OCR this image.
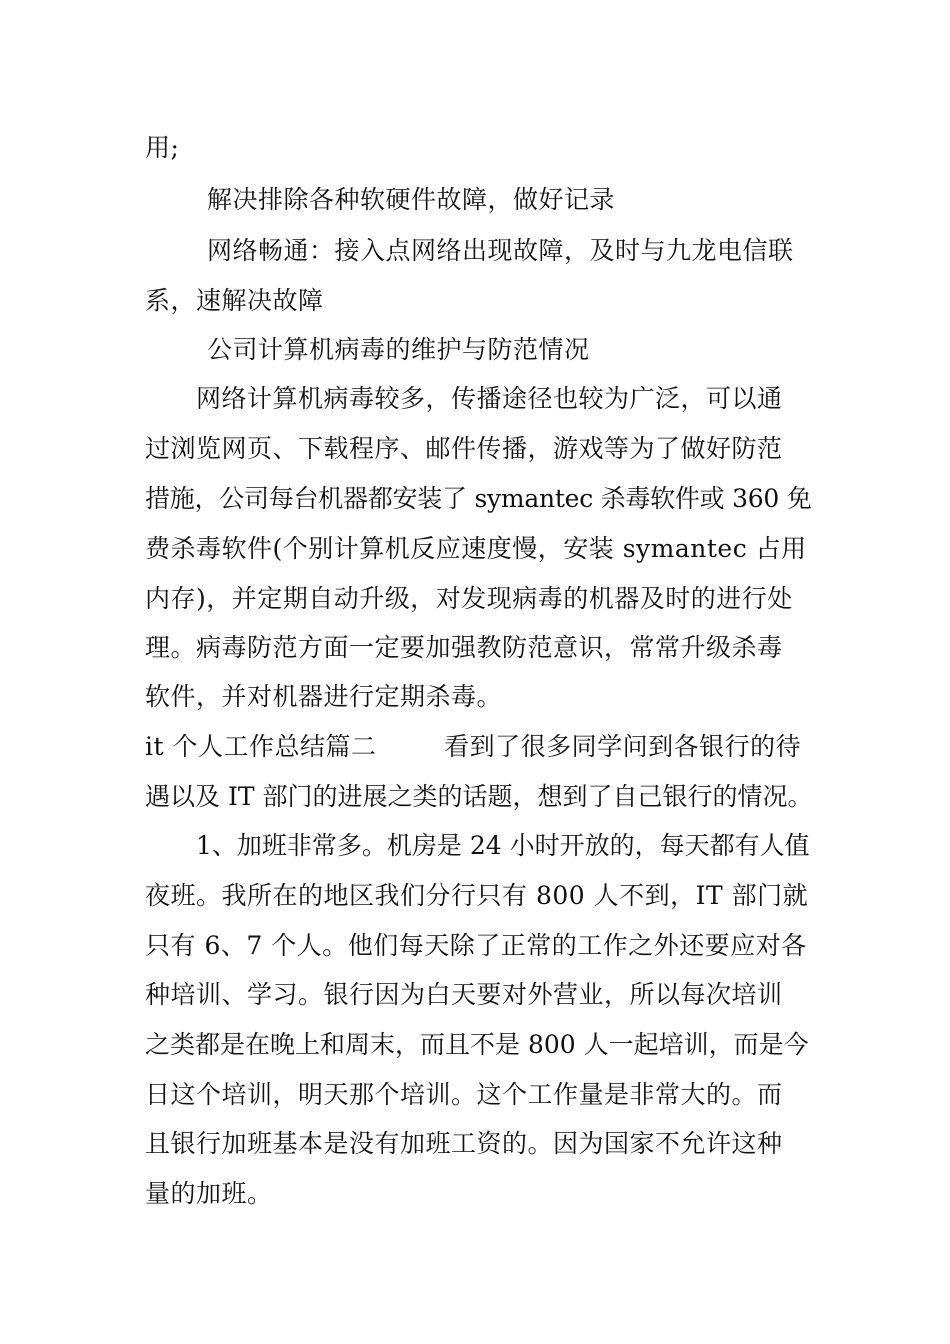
用;
解决排除各种软硬件故障，做好记录
网络畅通：接入点网络出现故障，及时与九龙电信联
系，速解决故障
公司计算机病毒的维护与防范情况
网络计算机病毒较多，传播途径也较为广泛，可以通
过浏览网页、下载程序、邮件传播，游戏等为了做好防范
措施，公司每台机器都安装了 symantec 杀毒软件或 360 免
费杀毒软件(个别计算机反应速度慢，安装 symantec 占用
内存)，并定期自动升级，对发现病毒的机器及时的进行处
理。病毒防范方面一定要加强教防范意识，常常升级杀毒
软件，并对机器进行定期杀毒。
it 个人工作总结篇二        看到了很多同学问到各银行的待
遇以及 IT 部门的进展之类的话题，想到了自己银行的情况。
1、加班非常多。机房是 24 小时开放的，每天都有人值
夜班。我所在的地区我们分行只有 800 人不到，IT 部门就
只有 6、7 个人。他们每天除了正常的工作之外还要应对各
种培训、学习。银行因为白天要对外营业，所以每次培训
之类都是在晚上和周末，而且不是 800 人一起培训，而是今
日这个培训，明天那个培训。这个工作量是非常大的。而
且银行加班基本是没有加班工资的。因为国家不允许这种
量的加班。
